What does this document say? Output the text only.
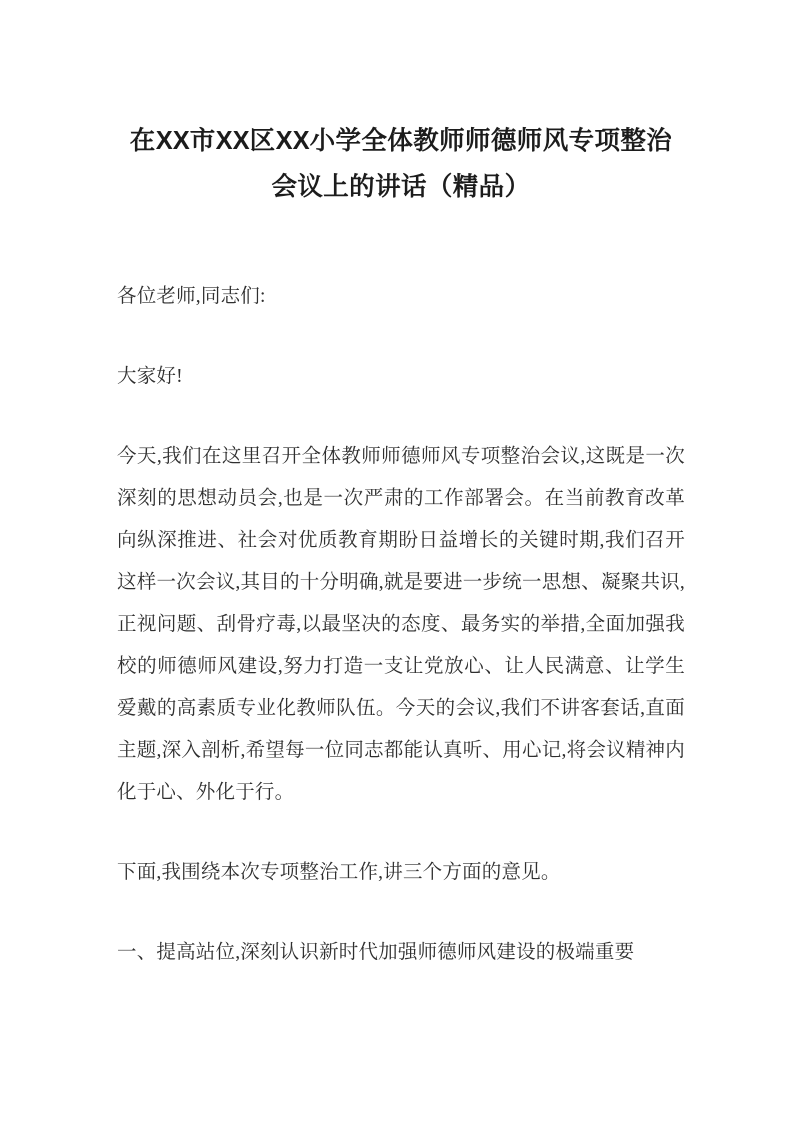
在XX市XX区XX小学全体教师师德师风专项整治会议上的讲话（精品）

各位老师,同志们:

大家好!

今天,我们在这里召开全体教师师德师风专项整治会议,这既是一次深刻的思想动员会,也是一次严肃的工作部署会。在当前教育改革向纵深推进、社会对优质教育期盼日益增长的关键时期,我们召开这样一次会议,其目的十分明确,就是要进一步统一思想、凝聚共识,正视问题、刮骨疗毒,以最坚决的态度、最务实的举措,全面加强我校的师德师风建设,努力打造一支让党放心、让人民满意、让学生爱戴的高素质专业化教师队伍。今天的会议,我们不讲客套话,直面主题,深入剖析,希望每一位同志都能认真听、用心记,将会议精神内化于心、外化于行。

下面,我围绕本次专项整治工作,讲三个方面的意见。

一、提高站位,深刻认识新时代加强师德师风建设的极端重要
